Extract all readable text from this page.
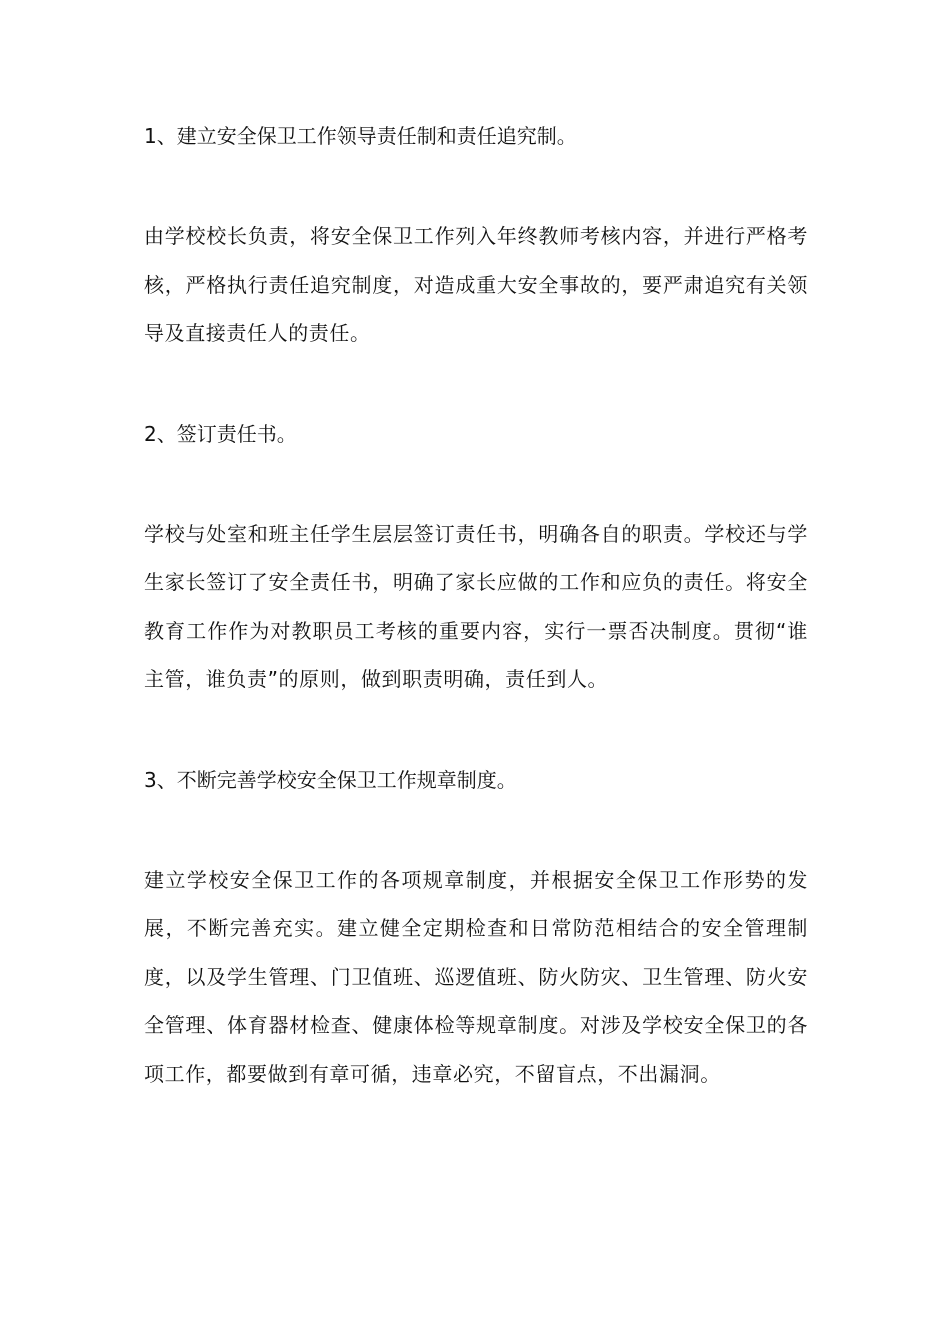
1、建立安全保卫工作领导责任制和责任追究制。

由学校校长负责，将安全保卫工作列入年终教师考核内容，并进行严格考核，严格执行责任追究制度，对造成重大安全事故的，要严肃追究有关领导及直接责任人的责任。

2、签订责任书。

学校与处室和班主任学生层层签订责任书，明确各自的职责。学校还与学生家长签订了安全责任书，明确了家长应做的工作和应负的责任。将安全教育工作作为对教职员工考核的重要内容，实行一票否决制度。贯彻“谁主管，谁负责”的原则，做到职责明确，责任到人。

3、不断完善学校安全保卫工作规章制度。

建立学校安全保卫工作的各项规章制度，并根据安全保卫工作形势的发展，不断完善充实。建立健全定期检查和日常防范相结合的安全管理制度，以及学生管理、门卫值班、巡逻值班、防火防灾、卫生管理、防火安全管理、体育器材检查、健康体检等规章制度。对涉及学校安全保卫的各项工作，都要做到有章可循，违章必究，不留盲点，不出漏洞。
